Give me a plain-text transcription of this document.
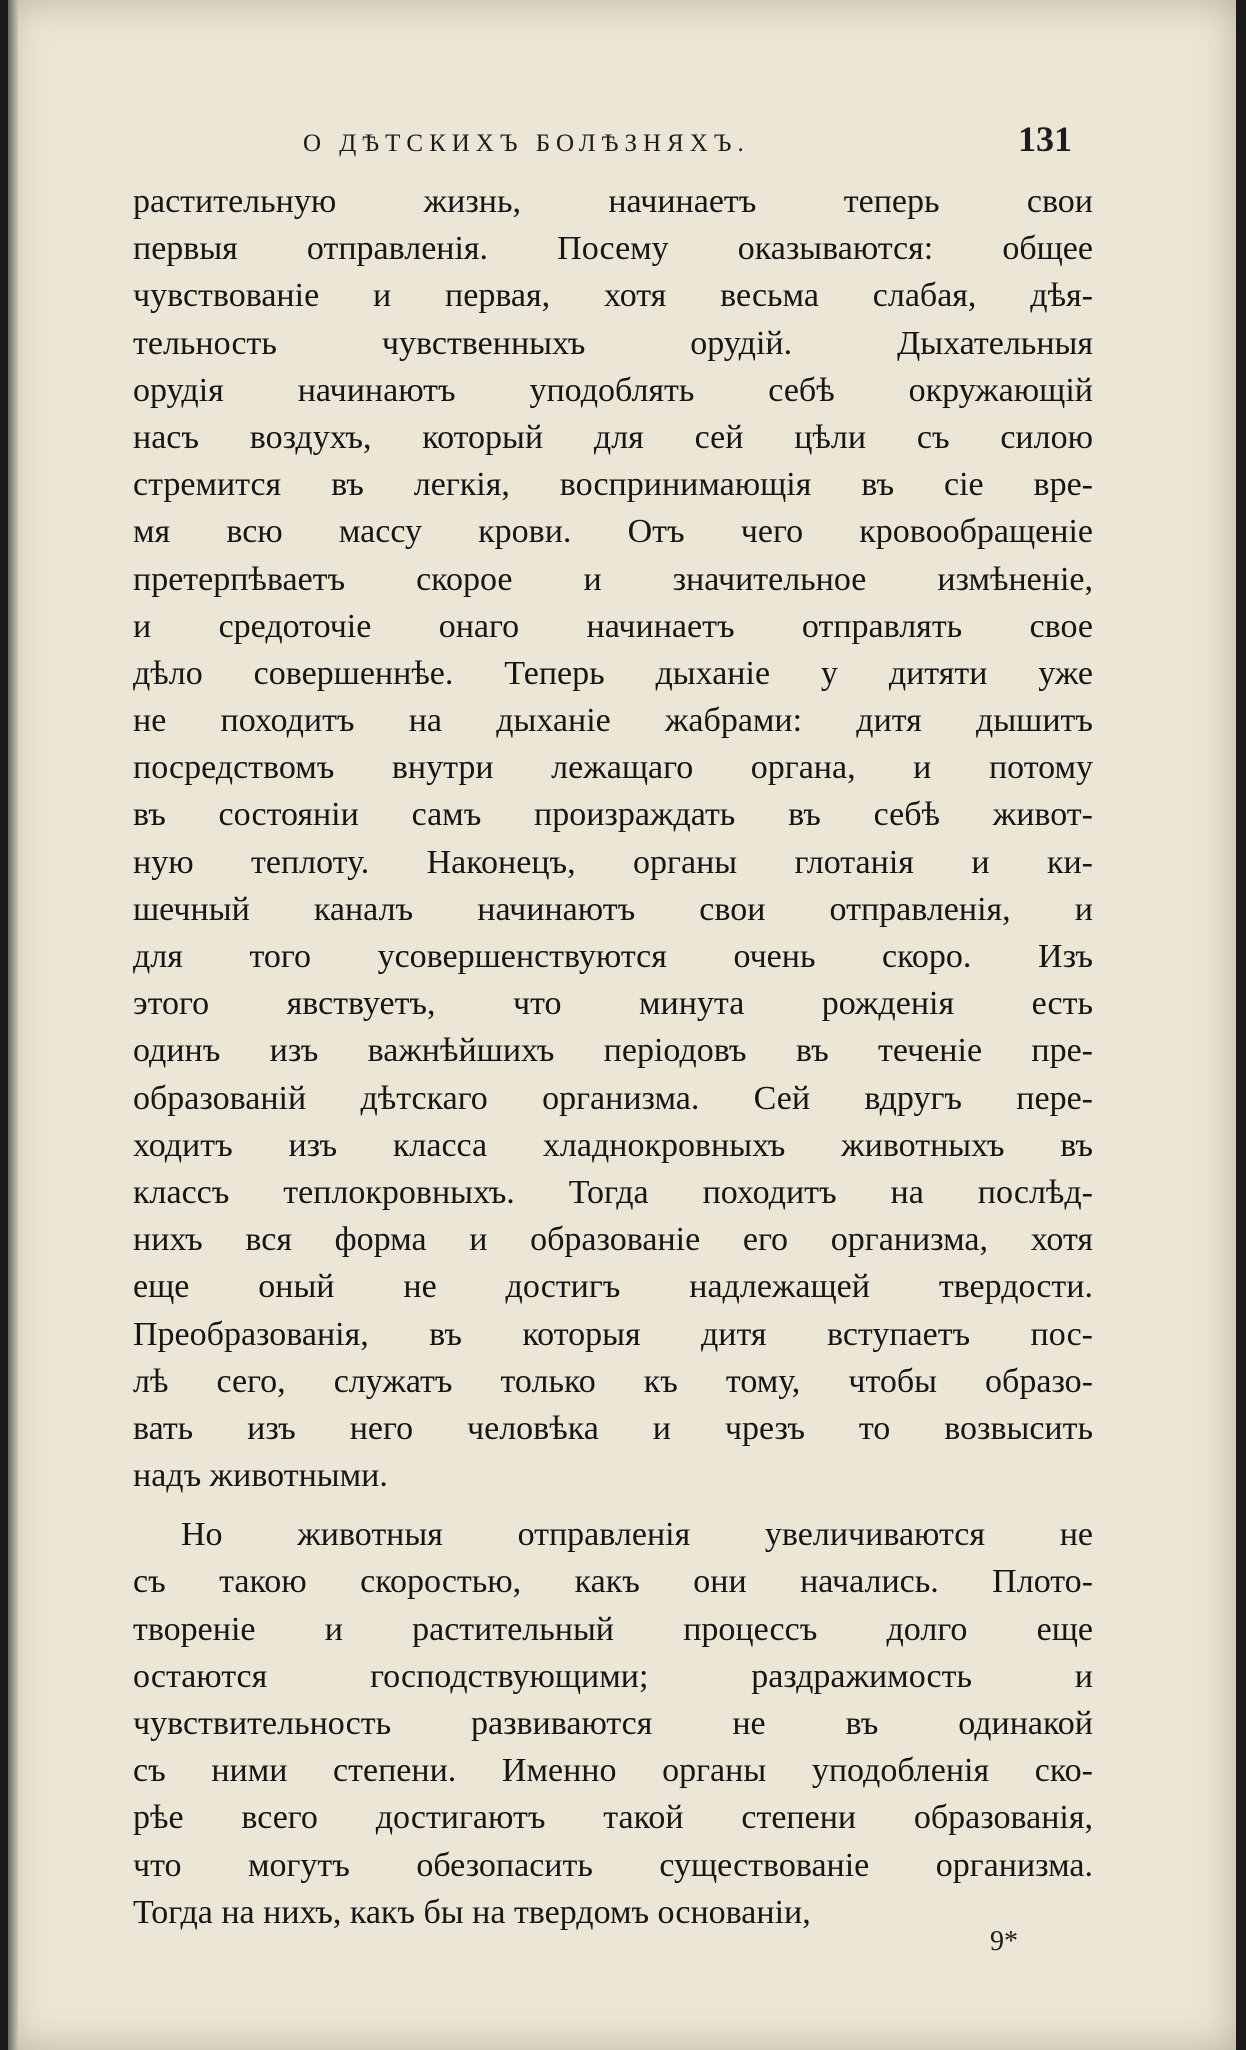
О ДѢТСКИХЪ БОЛѢЗНЯХЪ.	131
растительную жизнь, начинаетъ теперь свои
первыя отправленія. Посему оказываются: общее
чувствованіе и первая, хотя весьма слабая, дѣя-
тельность чувственныхъ орудій. Дыхательныя
орудія начинаютъ уподоблять себѣ окружающій
насъ воздухъ, который для сей цѣли съ силою
стремится въ легкія, воспринимающія въ сіе вре-
мя всю массу крови. Отъ чего кровообращеніе
претерпѣваетъ скорое и значительное измѣненіе,
и средоточіе онаго начинаетъ отправлять свое
дѣло совершеннѣе. Теперь дыханіе у дитяти уже
не походитъ на дыханіе жабрами: дитя дышитъ
посредствомъ внутри лежащаго органа, и потому
въ состояніи самъ произраждать въ себѣ живот-
ную теплоту. Наконецъ, органы глотанія и ки-
шечный каналъ начинаютъ свои отправленія, и
для того усовершенствуются очень скоро. Изъ
этого явствуетъ, что минута рожденія есть
одинъ изъ важнѣйшихъ періодовъ въ теченіе пре-
образованій дѣтскаго организма. Сей вдругъ пере-
ходитъ изъ класса хладнокровныхъ животныхъ въ
классъ теплокровныхъ. Тогда походитъ на послѣд-
нихъ вся форма и образованіе его организма, хотя
еще оный не достигъ надлежащей твердости.
Преобразованія, въ которыя дитя вступаетъ пос-
лѣ сего, служатъ только къ тому, чтобы образо-
вать изъ него человѣка и чрезъ то возвысить
надъ животными.
Но животныя отправленія увеличиваются не
съ такою скоростью, какъ они начались. Плото-
твореніе и растительный процессъ долго еще
остаются господствующими; раздражимость и
чувствительность развиваются не въ одинакой
съ ними степени. Именно органы уподобленія ско-
рѣе всего достигаютъ такой степени образованія,
что могутъ обезопасить существованіе организма.
Тогда на нихъ, какъ бы на твердомъ основаніи,
9*
